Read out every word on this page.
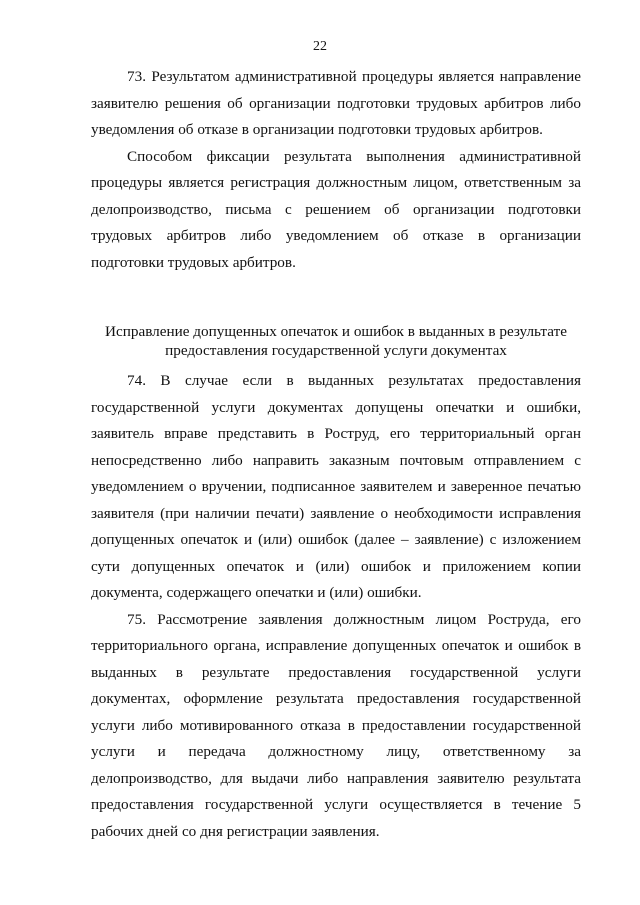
22

73. Результатом административной процедуры является направление заявителю решения об организации подготовки трудовых арбитров либо уведомления об отказе в организации подготовки трудовых арбитров.

Способом фиксации результата выполнения административной процедуры является регистрация должностным лицом, ответственным за делопроизводство, письма с решением об организации подготовки трудовых арбитров либо уведомлением об отказе в организации подготовки трудовых арбитров.

Исправление допущенных опечаток и ошибок в выданных в результате
предоставления государственной услуги документах

74. В случае если в выданных результатах предоставления государственной услуги документах допущены опечатки и ошибки, заявитель вправе представить в Роструд, его территориальный орган непосредственно либо направить заказным почтовым отправлением с уведомлением о вручении, подписанное заявителем и заверенное печатью заявителя (при наличии печати) заявление о необходимости исправления допущенных опечаток и (или) ошибок (далее – заявление) с изложением сути допущенных опечаток и (или) ошибок и приложением копии документа, содержащего опечатки и (или) ошибки.

75. Рассмотрение заявления должностным лицом Роструда, его территориального органа, исправление допущенных опечаток и ошибок в выданных в результате предоставления государственной услуги документах, оформление результата предоставления государственной услуги либо мотивированного отказа в предоставлении государственной услуги и передача должностному лицу, ответственному за делопроизводство, для выдачи либо направления заявителю результата предоставления государственной услуги осуществляется в течение 5 рабочих дней со дня регистрации заявления.
